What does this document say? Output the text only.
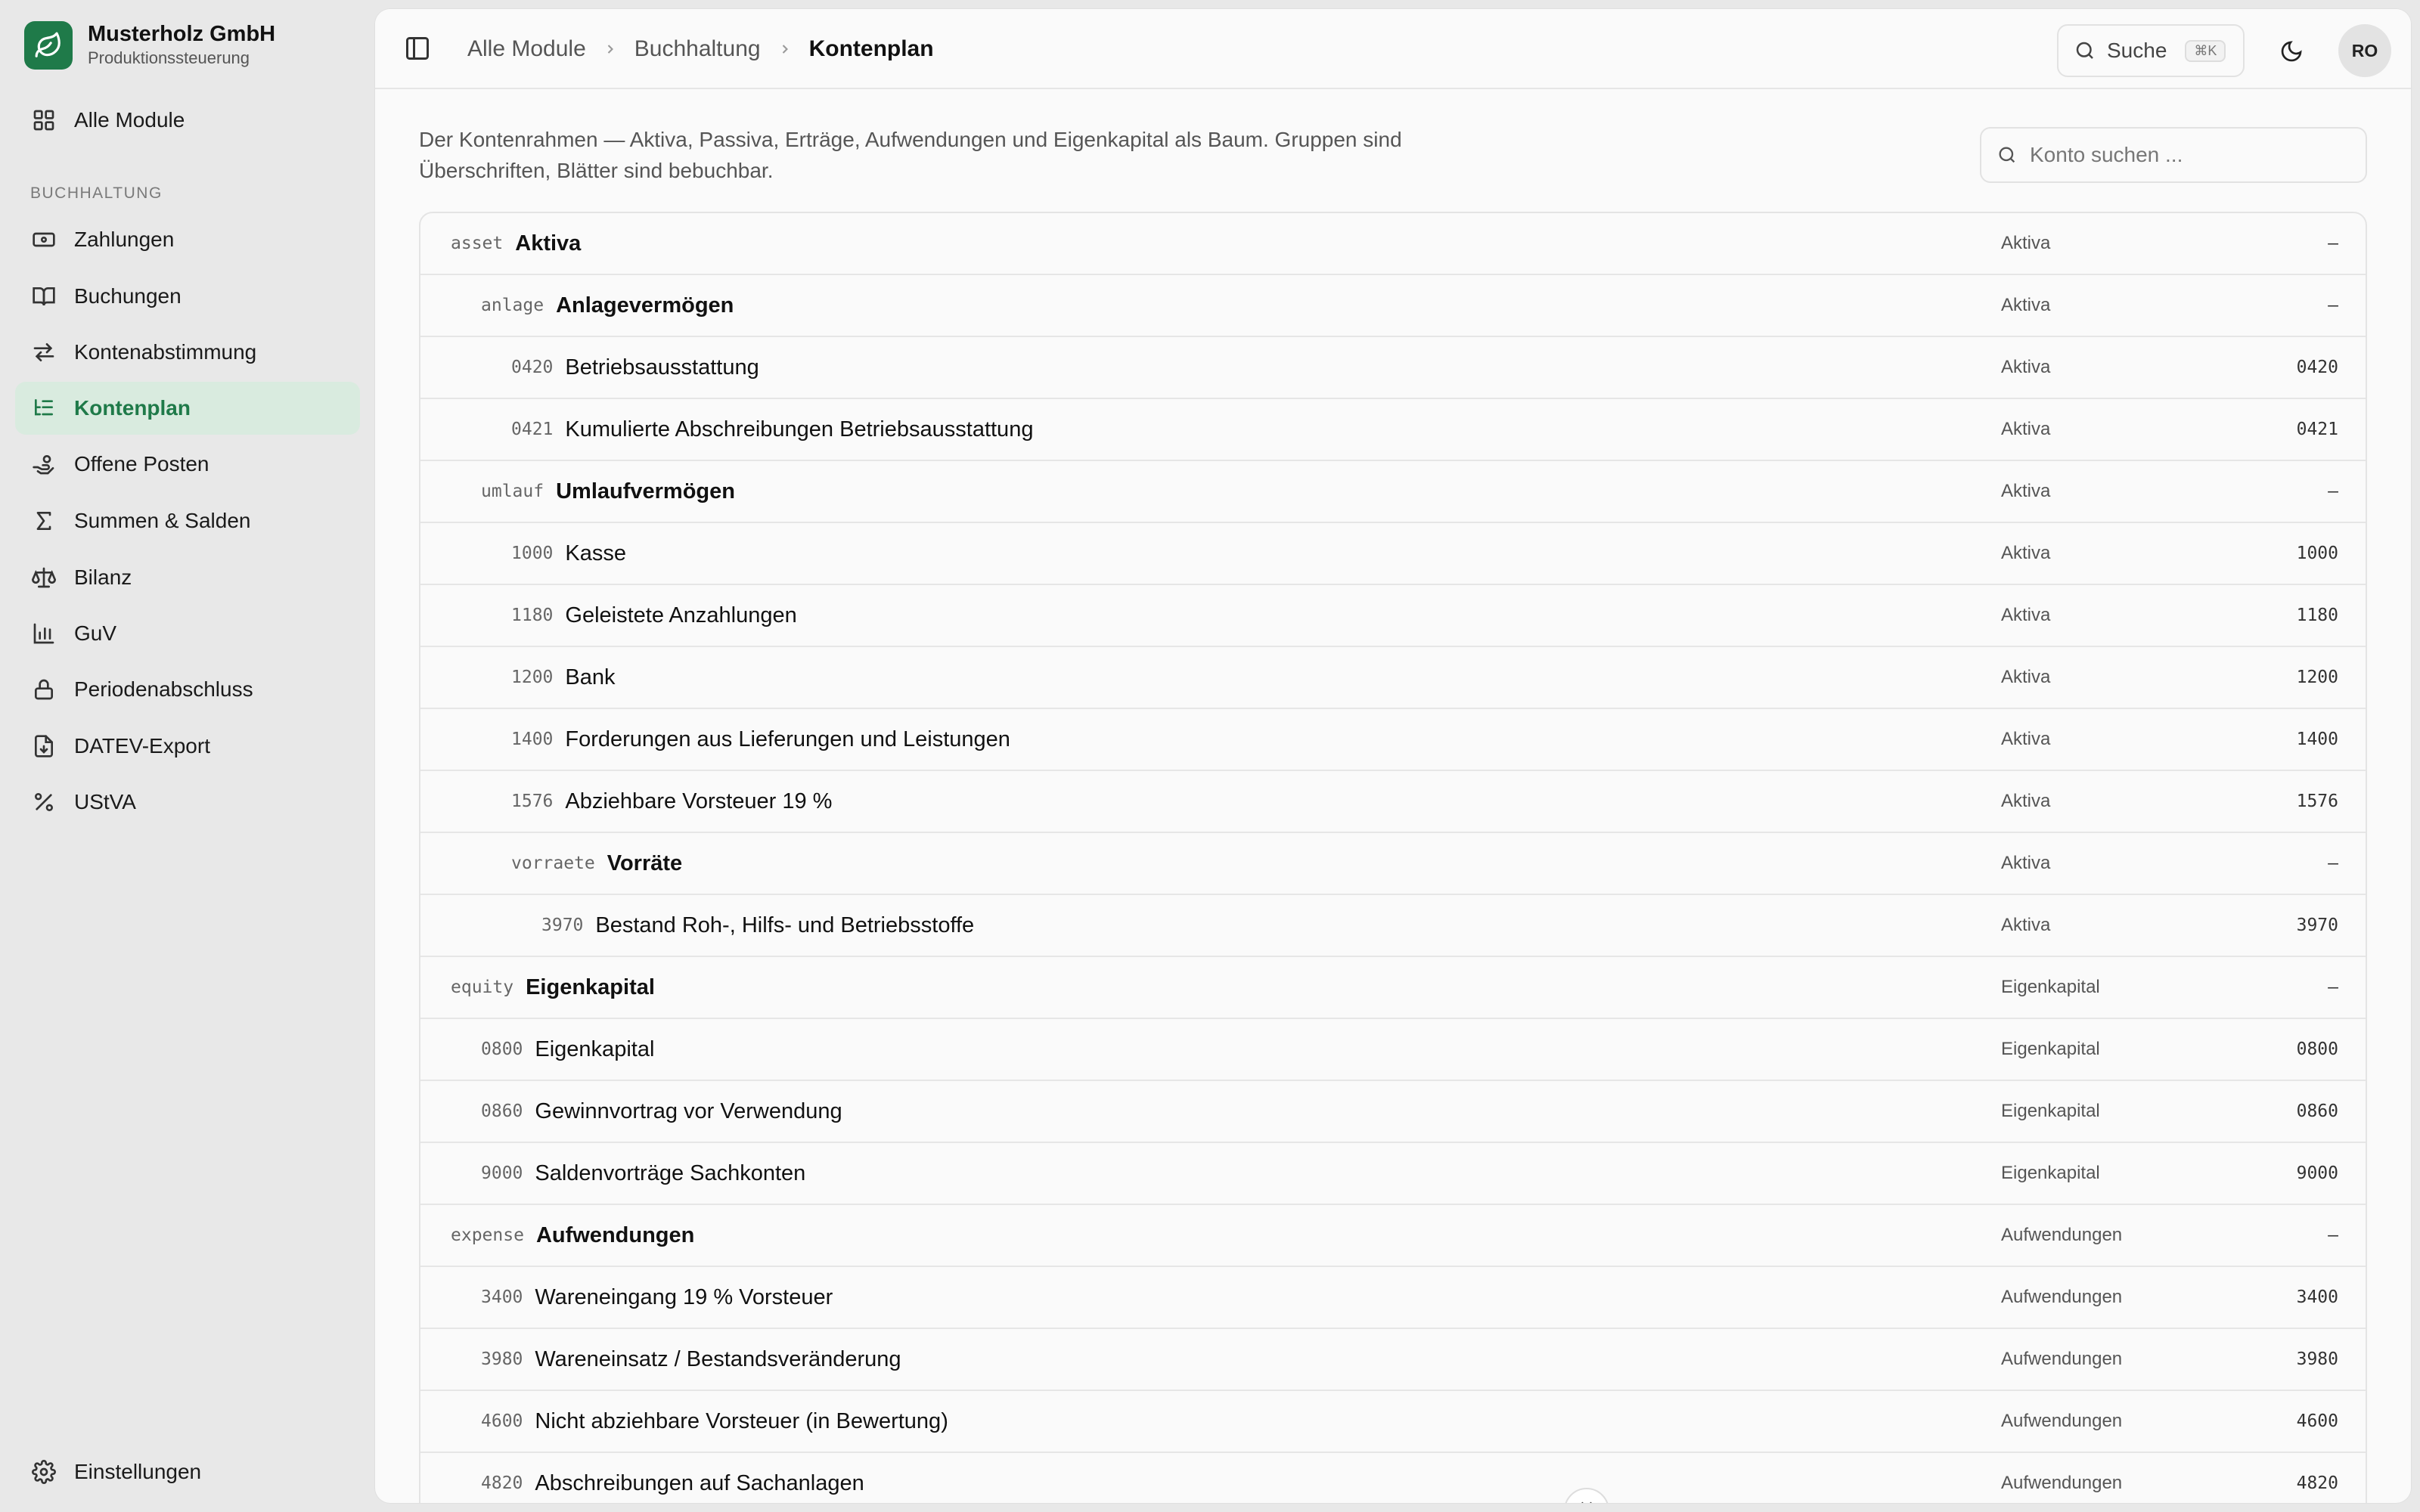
Musterholz GmbH
Produktionssteuerung
Alle Module
BUCHHALTUNG
Zahlungen
Buchungen
Kontenabstimmung
Kontenplan
Offene Posten
Summen & Salden
Bilanz
GuV
Periodenabschluss
DATEV-Export
UStVA
Einstellungen
Alle Module Buchhaltung Kontenplan	Suche	⌘K	RO

Der Kontenrahmen — Aktiva, Passiva, Erträge, Aufwendungen und Eigenkapital als Baum. Gruppen sind Überschriften, Blätter sind bebuchbar.

Konto suchen ...
asset Aktiva	Aktiva	–
anlage Anlagevermögen	Aktiva	–
0420 Betriebsausstattung	Aktiva	0420
0421 Kumulierte Abschreibungen Betriebsausstattung	Aktiva	0421
umlauf Umlaufvermögen	Aktiva	–
1000 Kasse	Aktiva	1000
1180 Geleistete Anzahlungen	Aktiva	1180
1200 Bank	Aktiva	1200
1400 Forderungen aus Lieferungen und Leistungen	Aktiva	1400
1576 Abziehbare Vorsteuer 19 %	Aktiva	1576
vorraete Vorräte	Aktiva	–
3970 Bestand Roh-, Hilfs- und Betriebsstoffe	Aktiva	3970
equity Eigenkapital	Eigenkapital	–
0800 Eigenkapital	Eigenkapital	0800
0860 Gewinnvortrag vor Verwendung	Eigenkapital	0860
9000 Saldenvorträge Sachkonten	Eigenkapital	9000
expense Aufwendungen	Aufwendungen	–
3400 Wareneingang 19 % Vorsteuer	Aufwendungen	3400
3980 Wareneinsatz / Bestandsveränderung	Aufwendungen	3980
4600 Nicht abziehbare Vorsteuer (in Bewertung)	Aufwendungen	4600
4820 Abschreibungen auf Sachanlagen	Aufwendungen	4820
